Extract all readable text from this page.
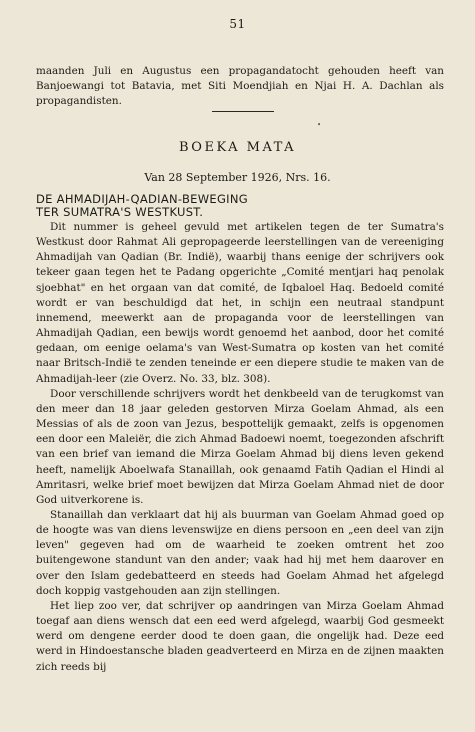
51

maanden Juli en Augustus een propagandatocht gehouden heeft van Banjoewangi tot Batavia, met Siti Moendjiah en Njai H. A. Dachlan als propagandisten.

•
BOEKA MATA
Van 28 September 1926, Nrs. 16.
DE AHMADIJAH-QADIAN-BEWEGING
TER SUMATRA'S WESTKUST.

Dit nummer is geheel gevuld met artikelen tegen de ter Sumatra's Westkust door Rahmat Ali gepropageerde leerstellingen van de vereeniging Ahmadijah van Qadian (Br. Indië), waarbij thans eenige der schrijvers ook tekeer gaan tegen het te Padang opgerichte „Comité mentjari haq penolak sjoebhat" en het orgaan van dat comité, de Iqbaloel Haq. Bedoeld comité wordt er van beschuldigd dat het, in schijn een neutraal standpunt innemend, meewerkt aan de propaganda voor de leerstellingen van Ahmadijah Qadian, een bewijs wordt genoemd het aanbod, door het comité gedaan, om eenige oelama's van West-Sumatra op kosten van het comité naar Britsch-Indië te zenden teneinde er een diepere studie te maken van de Ahmadijah-leer (zie Overz. No. 33, blz. 308).

Door verschillende schrijvers wordt het denkbeeld van de terugkomst van den meer dan 18 jaar geleden gestorven Mirza Goelam Ahmad, als een Messias of als de zoon van Jezus, bespottelijk gemaakt, zelfs is opgenomen een door een Maleiër, die zich Ahmad Badoewi noemt, toegezonden afschrift van een brief van iemand die Mirza Goelam Ahmad bij diens leven gekend heeft, namelijk Aboelwafa Stanaillah, ook genaamd Fatih Qadian el Hindi al Amritasri, welke brief moet bewijzen dat Mirza Goelam Ahmad niet de door God uitverkorene is.

Stanaillah dan verklaart dat hij als buurman van Goelam Ahmad goed op de hoogte was van diens levenswijze en diens persoon en „een deel van zijn leven" gegeven had om de waarheid te zoeken omtrent het zoo buitengewone standunt van den ander; vaak had hij met hem daarover en over den Islam gedebatteerd en steeds had Goelam Ahmad het afgelegd doch koppig vastgehouden aan zijn stellingen.

Het liep zoo ver, dat schrijver op aandringen van Mirza Goelam Ahmad toegaf aan diens wensch dat een eed werd afgelegd, waarbij God gesmeekt werd om dengene eerder dood te doen gaan, die ongelijk had. Deze eed werd in Hindoestansche bladen geadverteerd en Mirza en de zijnen maakten zich reeds bij
